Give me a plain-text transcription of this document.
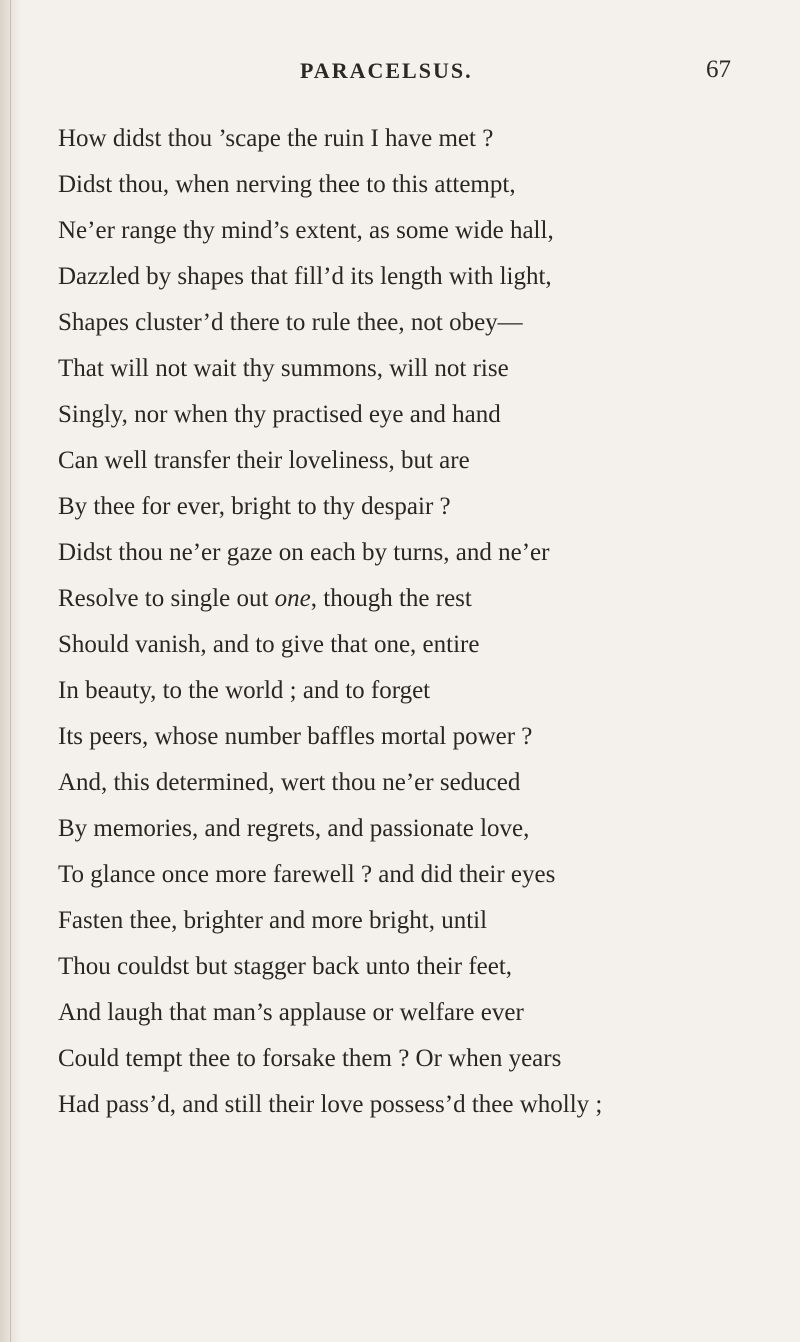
PARACELSUS.	67
How didst thou ’scape the ruin I have met ?
Didst thou, when nerving thee to this attempt,
Ne’er range thy mind’s extent, as some wide hall,
Dazzled by shapes that fill’d its length with light,
Shapes cluster’d there to rule thee, not obey—
That will not wait thy summons, will not rise
Singly, nor when thy practised eye and hand
Can well transfer their loveliness, but are
By thee for ever, bright to thy despair ?
Didst thou ne’er gaze on each by turns, and ne’er
Resolve to single out one, though the rest
Should vanish, and to give that one, entire
In beauty, to the world ; and to forget
Its peers, whose number baffles mortal power ?
And, this determined, wert thou ne’er seduced
By memories, and regrets, and passionate love,
To glance once more farewell ? and did their eyes
Fasten thee, brighter and more bright, until
Thou couldst but stagger back unto their feet,
And laugh that man’s applause or welfare ever
Could tempt thee to forsake them ? Or when years
Had pass’d, and still their love possess’d thee wholly ;
